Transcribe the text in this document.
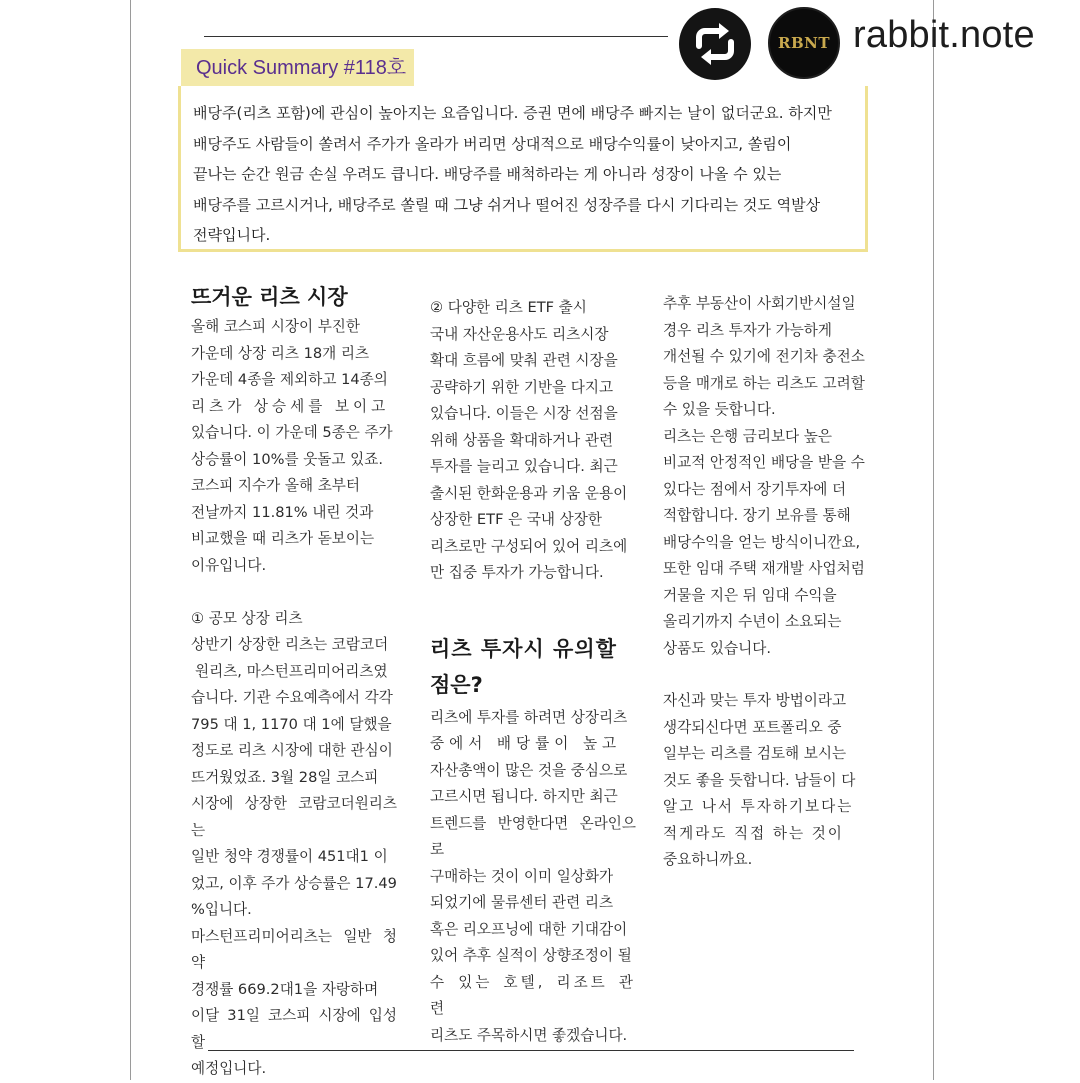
RBNT rabbit.note
Quick Summary #118호
배당주(리츠 포함)에 관심이 높아지는 요즘입니다. 증권 면에 배당주 빠지는 날이 없더군요. 하지만
배당주도 사람들이 쏠려서 주가가 올라가 버리면 상대적으로 배당수익률이 낮아지고, 쏠림이
끝나는 순간 원금 손실 우려도 큽니다. 배당주를 배척하라는 게 아니라 성장이 나올 수 있는
배당주를 고르시거나, 배당주로 쏠릴 때 그냥 쉬거나 떨어진 성장주를 다시 기다리는 것도 역발상
전략입니다.
뜨거운 리츠 시장
올해 코스피 시장이 부진한
가운데 상장 리츠 18개 리츠
가운데 4종을 제외하고 14종의
리츠가 상승세를 보이고
있습니다. 이 가운데 5종은 주가
상승률이 10%를 웃돌고 있죠.
코스피 지수가 올해 초부터
전날까지 11.81% 내린 것과
비교했을 때 리츠가 돋보이는
이유입니다.
① 공모 상장 리츠
상반기 상장한 리츠는 코람코더
원리츠, 마스턴프리미어리츠였
습니다. 기관 수요예측에서 각각
795 대 1, 1170 대 1에 달했을
정도로 리츠 시장에 대한 관심이
뜨거웠었죠. 3월 28일 코스피
시장에 상장한 코람코더원리츠는
일반 청약 경쟁률이 451대1 이
었고, 이후 주가 상승률은 17.49
%입니다.
마스턴프리미어리츠는 일반 청약
경쟁률 669.2대1을 자랑하며
이달 31일 코스피 시장에 입성할
예정입니다.
② 다양한 리츠 ETF 출시
국내 자산운용사도 리츠시장
확대 흐름에 맞춰 관련 시장을
공략하기 위한 기반을 다지고
있습니다. 이들은 시장 선점을
위해 상품을 확대하거나 관련
투자를 늘리고 있습니다. 최근
출시된 한화운용과 키움 운용이
상장한 ETF 은 국내 상장한
리츠로만 구성되어 있어 리츠에
만 집중 투자가 가능합니다.
리츠 투자시 유의할
점은?
리츠에 투자를 하려면 상장리츠
중에서 배당률이 높고
자산총액이 많은 것을 중심으로
고르시면 됩니다. 하지만 최근
트렌드를 반영한다면 온라인으로
구매하는 것이 이미 일상화가
되었기에 물류센터 관련 리츠
혹은 리오프닝에 대한 기대감이
있어 추후 실적이 상향조정이 될
수 있는 호텔, 리조트 관련
리츠도 주목하시면 좋겠습니다.
추후 부동산이 사회기반시설일
경우 리츠 투자가 가능하게
개선될 수 있기에 전기차 충전소
등을 매개로 하는 리츠도 고려할
수 있을 듯합니다.
리츠는 은행 금리보다 높은
비교적 안정적인 배당을 받을 수
있다는 점에서 장기투자에 더
적합합니다. 장기 보유를 통해
배당수익을 얻는 방식이니깐요,
또한 임대 주택 재개발 사업처럼
거물을 지은 뒤 임대 수익을
올리기까지 수년이 소요되는
상품도 있습니다.
자신과 맞는 투자 방법이라고
생각되신다면 포트폴리오 중
일부는 리츠를 검토해 보시는
것도 좋을 듯합니다. 남들이 다
알고 나서 투자하기보다는
적게라도 직접 하는 것이
중요하니까요.
